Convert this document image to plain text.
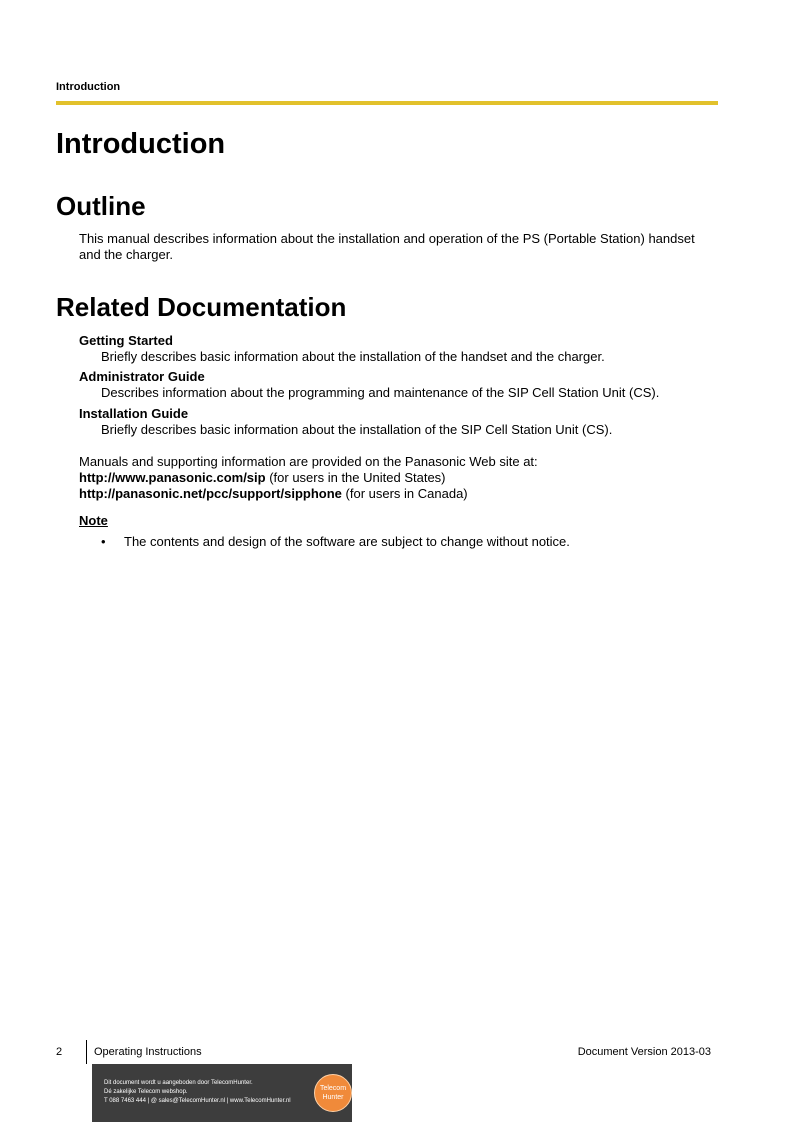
Introduction
Introduction
Outline
This manual describes information about the installation and operation of the PS (Portable Station) handset
and the charger.
Related Documentation
Getting Started
Briefly describes basic information about the installation of the handset and the charger.
Administrator Guide
Describes information about the programming and maintenance of the SIP Cell Station Unit (CS).
Installation Guide
Briefly describes basic information about the installation of the SIP Cell Station Unit (CS).
Manuals and supporting information are provided on the Panasonic Web site at:
http://www.panasonic.com/sip (for users in the United States)
http://panasonic.net/pcc/support/sipphone (for users in Canada)
Note
• The contents and design of the software are subject to change without notice.
2	Operating Instructions	Document Version 2013-03
Dit document wordt u aangeboden door TelecomHunter.
Dé zakelijke Telecom webshop.
T 088 7463 444 | @ sales@TelecomHunter.nl | www.TelecomHunter.nl
Telecom
Hunter
